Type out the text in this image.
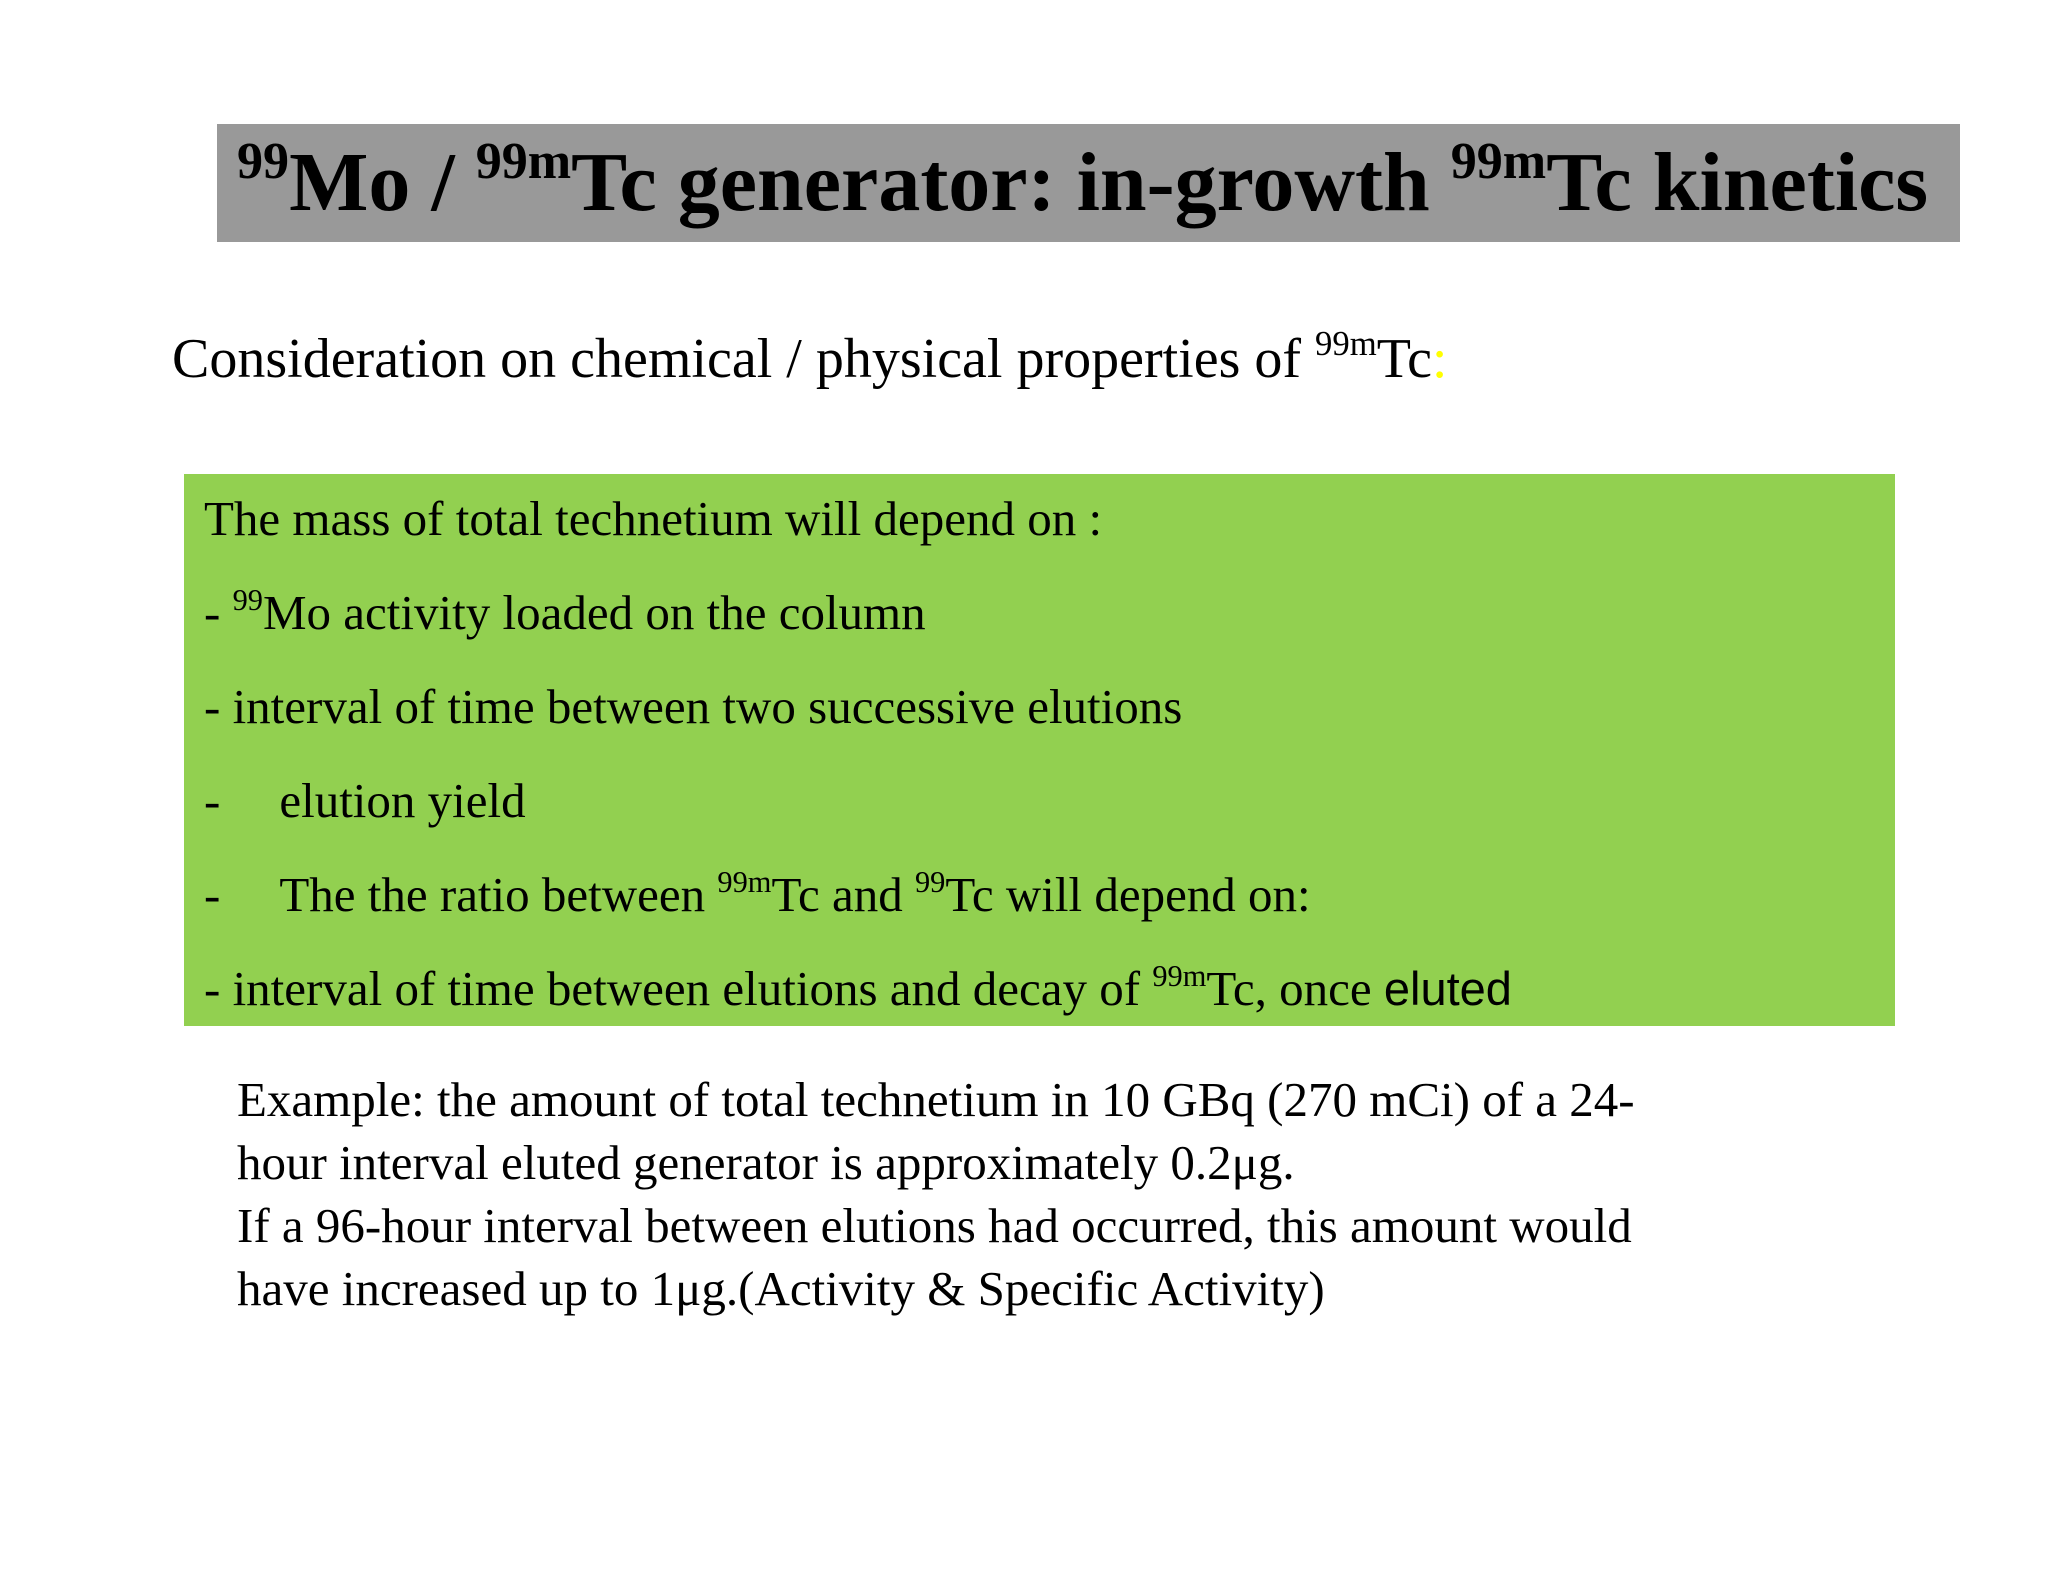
$^{99}$Mo / $^{99m}$Tc generator: in-growth $^{99m}$Tc kinetics
Consideration on chemical / physical properties of $^{99m}$Tc:
The mass of total technetium will depend on :
- $^{99}$Mo activity loaded on the column
- interval of time between two successive elutions
- elution yield
- The the ratio between $^{99m}$Tc and $^{99}$Tc will depend on:
- interval of time between elutions and decay of $^{99m}$Tc, once eluted
Example: the amount of total technetium in 10 GBq (270 mCi) of a 24-
hour interval eluted generator is approximately 0.2μg.
If a 96-hour interval between elutions had occurred, this amount would
have increased up to 1μg.(Activity & Specific Activity)
